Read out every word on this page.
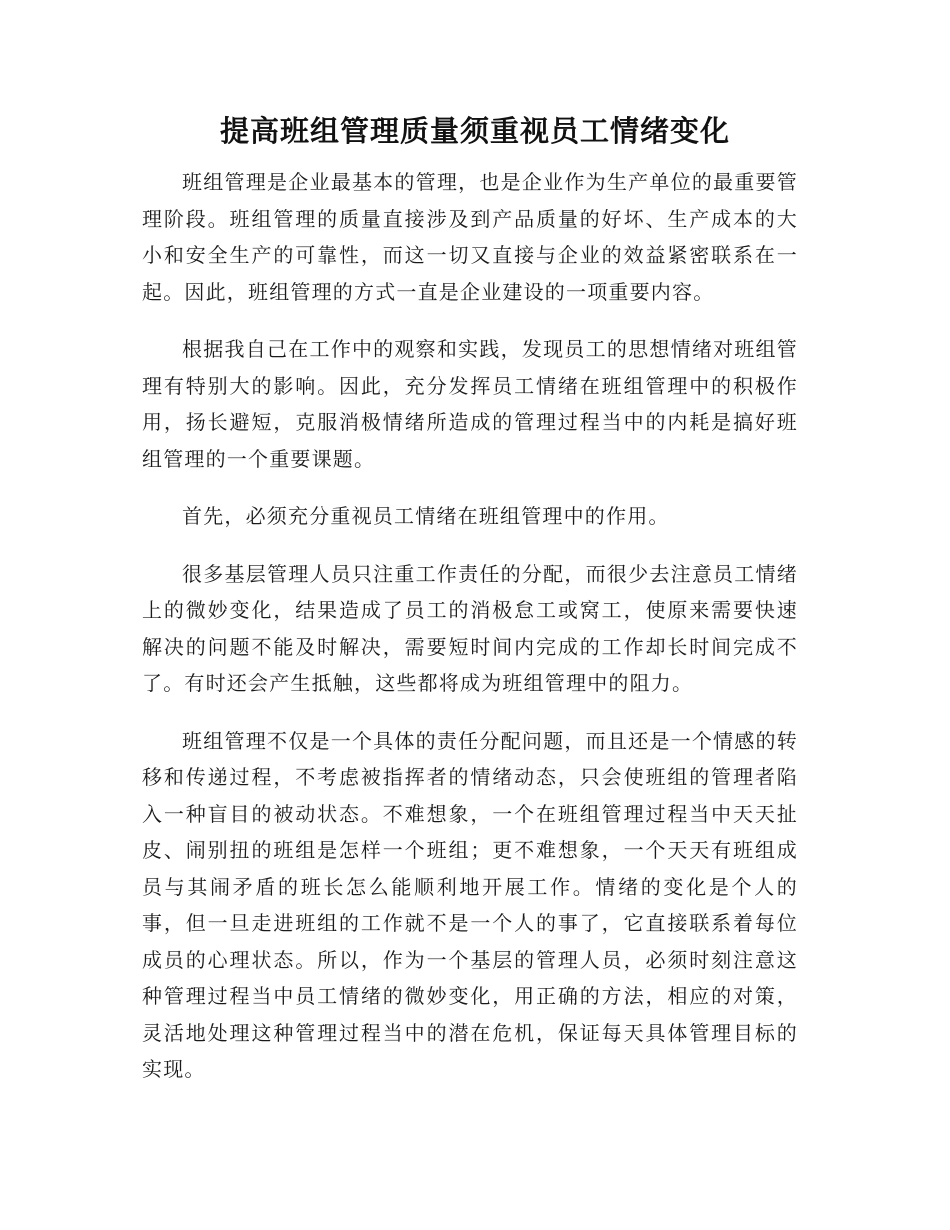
提高班组管理质量须重视员工情绪变化

班组管理是企业最基本的管理，也是企业作为生产单位的最重要管理阶段。班组管理的质量直接涉及到产品质量的好坏、生产成本的大小和安全生产的可靠性，而这一切又直接与企业的效益紧密联系在一起。因此，班组管理的方式一直是企业建设的一项重要内容。

根据我自己在工作中的观察和实践，发现员工的思想情绪对班组管理有特别大的影响。因此，充分发挥员工情绪在班组管理中的积极作用，扬长避短，克服消极情绪所造成的管理过程当中的内耗是搞好班组管理的一个重要课题。

首先，必须充分重视员工情绪在班组管理中的作用。

很多基层管理人员只注重工作责任的分配，而很少去注意员工情绪上的微妙变化，结果造成了员工的消极怠工或窝工，使原来需要快速解决的问题不能及时解决，需要短时间内完成的工作却长时间完成不了。有时还会产生抵触，这些都将成为班组管理中的阻力。

班组管理不仅是一个具体的责任分配问题，而且还是一个情感的转移和传递过程，不考虑被指挥者的情绪动态，只会使班组的管理者陷入一种盲目的被动状态。不难想象，一个在班组管理过程当中天天扯皮、闹别扭的班组是怎样一个班组；更不难想象，一个天天有班组成员与其闹矛盾的班长怎么能顺利地开展工作。情绪的变化是个人的事，但一旦走进班组的工作就不是一个人的事了，它直接联系着每位成员的心理状态。所以，作为一个基层的管理人员，必须时刻注意这种管理过程当中员工情绪的微妙变化，用正确的方法，相应的对策，灵活地处理这种管理过程当中的潜在危机，保证每天具体管理目标的实现。
